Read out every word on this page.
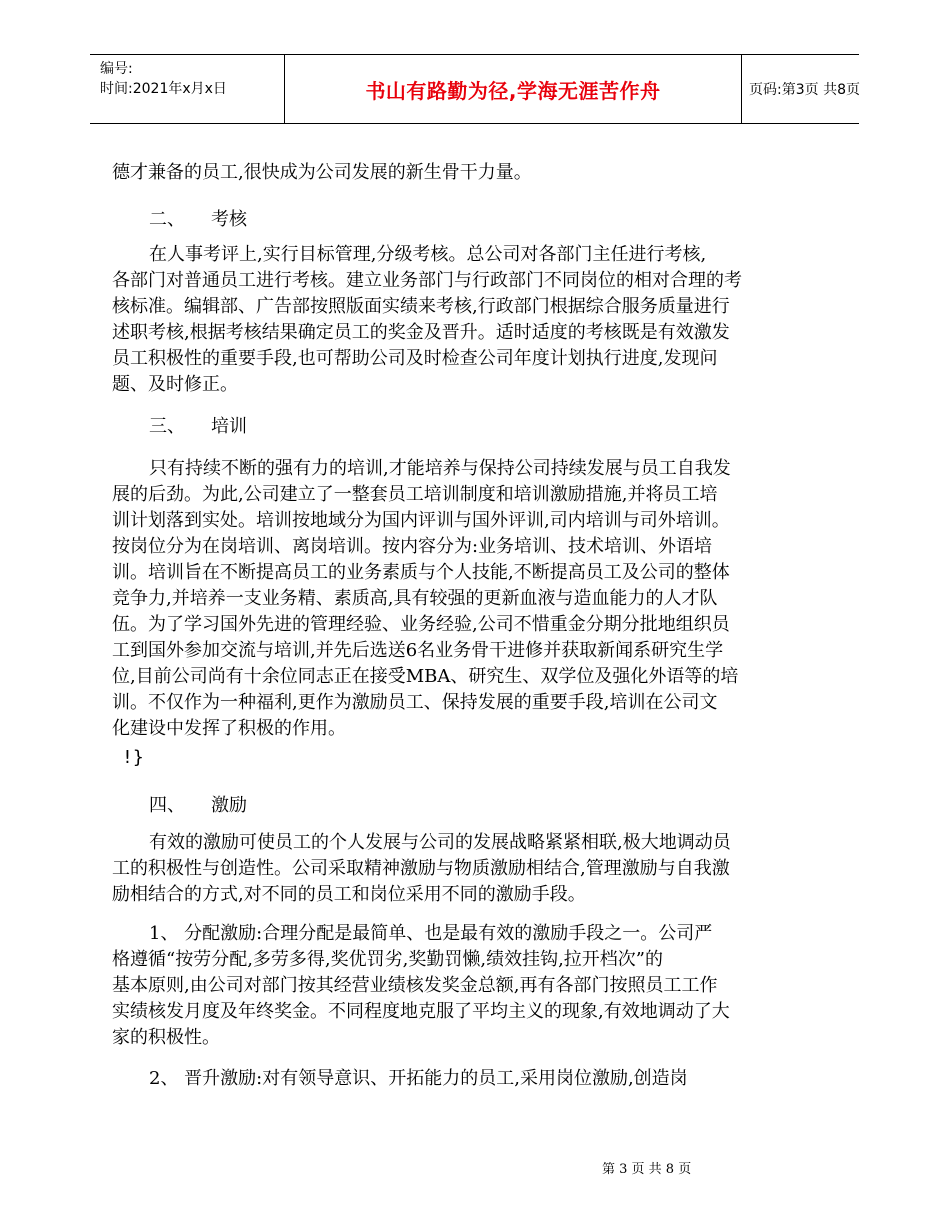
编号:
时间:2021年x月x日	书山有路勤为径,学海无涯苦作舟	页码:第3页 共8页
德才兼备的员工,很快成为公司发展的新生骨干力量。
二、 考核
在人事考评上,实行目标管理,分级考核。总公司对各部门主任进行考核,
各部门对普通员工进行考核。建立业务部门与行政部门不同岗位的相对合理的考
核标准。编辑部、广告部按照版面实绩来考核,行政部门根据综合服务质量进行
述职考核,根据考核结果确定员工的奖金及晋升。适时适度的考核既是有效激发
员工积极性的重要手段,也可帮助公司及时检查公司年度计划执行进度,发现问
题、及时修正。
三、 培训
只有持续不断的强有力的培训,才能培养与保持公司持续发展与员工自我发
展的后劲。为此,公司建立了一整套员工培训制度和培训激励措施,并将员工培
训计划落到实处。培训按地域分为国内评训与国外评训,司内培训与司外培训。
按岗位分为在岗培训、离岗培训。按内容分为:业务培训、技术培训、外语培
训。培训旨在不断提高员工的业务素质与个人技能,不断提高员工及公司的整体
竞争力,并培养一支业务精、素质高,具有较强的更新血液与造血能力的人才队
伍。为了学习国外先进的管理经验、业务经验,公司不惜重金分期分批地组织员
工到国外参加交流与培训,并先后选送6名业务骨干进修并获取新闻系研究生学
位,目前公司尚有十余位同志正在接受MBA、研究生、双学位及强化外语等的培
训。不仅作为一种福利,更作为激励员工、保持发展的重要手段,培训在公司文
化建设中发挥了积极的作用。
!}
四、 激励
有效的激励可使员工的个人发展与公司的发展战略紧紧相联,极大地调动员
工的积极性与创造性。公司采取精神激励与物质激励相结合,管理激励与自我激
励相结合的方式,对不同的员工和岗位采用不同的激励手段。
1、 分配激励:合理分配是最简单、也是最有效的激励手段之一。公司严
格遵循“按劳分配,多劳多得,奖优罚劣,奖勤罚懒,绩效挂钩,拉开档次”的
基本原则,由公司对部门按其经营业绩核发奖金总额,再有各部门按照员工工作
实绩核发月度及年终奖金。不同程度地克服了平均主义的现象,有效地调动了大
家的积极性。
2、 晋升激励:对有领导意识、开拓能力的员工,采用岗位激励,创造岗
第 3 页 共 8 页
